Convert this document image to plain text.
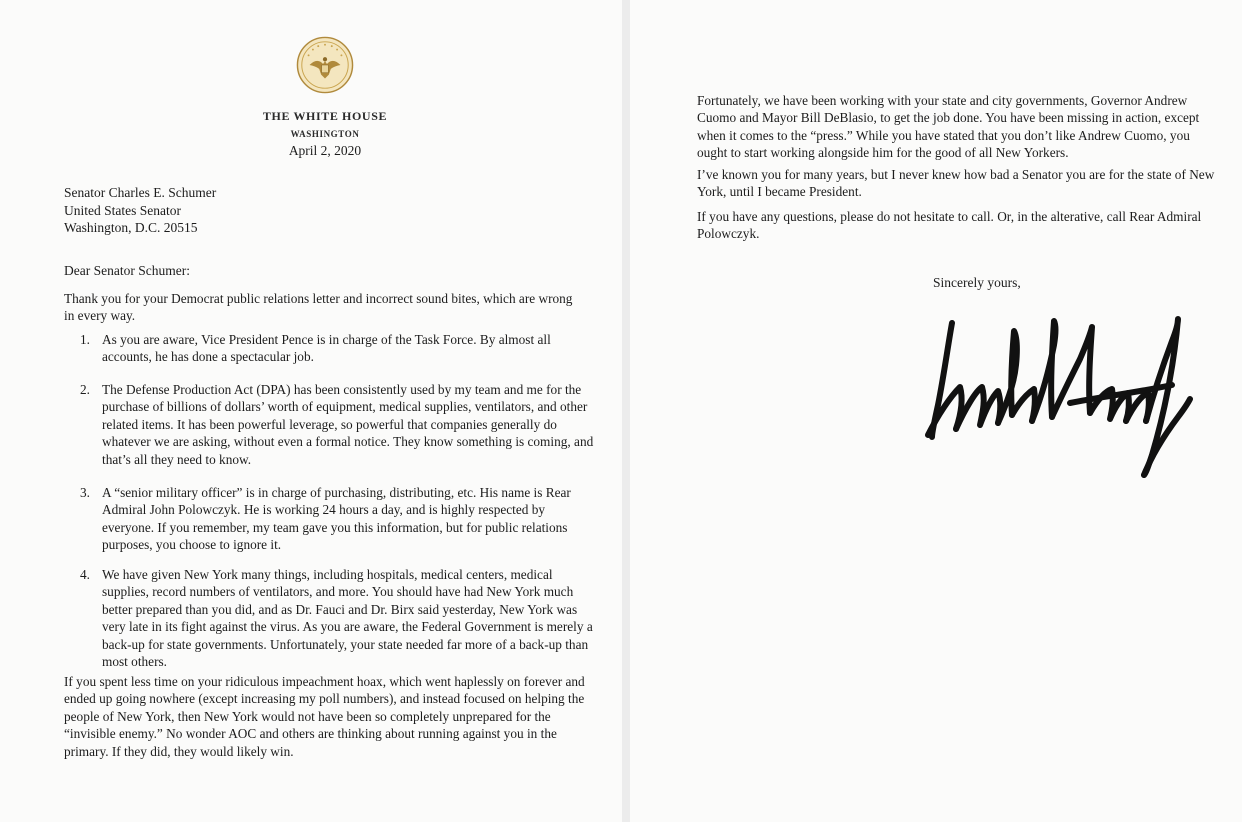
THE WHITE HOUSE
WASHINGTON
April 2, 2020
Senator Charles E. Schumer
United States Senator
Washington, D.C. 20515
Dear Senator Schumer:

Thank you for your Democrat public relations letter and incorrect sound bites, which are wrong in every way.

1. As you are aware, Vice President Pence is in charge of the Task Force. By almost all accounts, he has done a spectacular job.
2. The Defense Production Act (DPA) has been consistently used by my team and me for the purchase of billions of dollars’ worth of equipment, medical supplies, ventilators, and other related items. It has been powerful leverage, so powerful that companies generally do whatever we are asking, without even a formal notice. They know something is coming, and that’s all they need to know.
3. A “senior military officer” is in charge of purchasing, distributing, etc. His name is Rear Admiral John Polowczyk. He is working 24 hours a day, and is highly respected by everyone. If you remember, my team gave you this information, but for public relations purposes, you choose to ignore it.
4. We have given New York many things, including hospitals, medical centers, medical supplies, record numbers of ventilators, and more. You should have had New York much better prepared than you did, and as Dr. Fauci and Dr. Birx said yesterday, New York was very late in its fight against the virus. As you are aware, the Federal Government is merely a back-up for state governments. Unfortunately, your state needed far more of a back-up than most others.

If you spent less time on your ridiculous impeachment hoax, which went haplessly on forever and ended up going nowhere (except increasing my poll numbers), and instead focused on helping the people of New York, then New York would not have been so completely unprepared for the “invisible enemy.” No wonder AOC and others are thinking about running against you in the primary. If they did, they would likely win.

Fortunately, we have been working with your state and city governments, Governor Andrew Cuomo and Mayor Bill DeBlasio, to get the job done. You have been missing in action, except when it comes to the “press.” While you have stated that you don’t like Andrew Cuomo, you ought to start working alongside him for the good of all New Yorkers.

I’ve known you for many years, but I never knew how bad a Senator you are for the state of New York, until I became President.

If you have any questions, please do not hesitate to call. Or, in the alterative, call Rear Admiral Polowczyk.

Sincerely yours,
